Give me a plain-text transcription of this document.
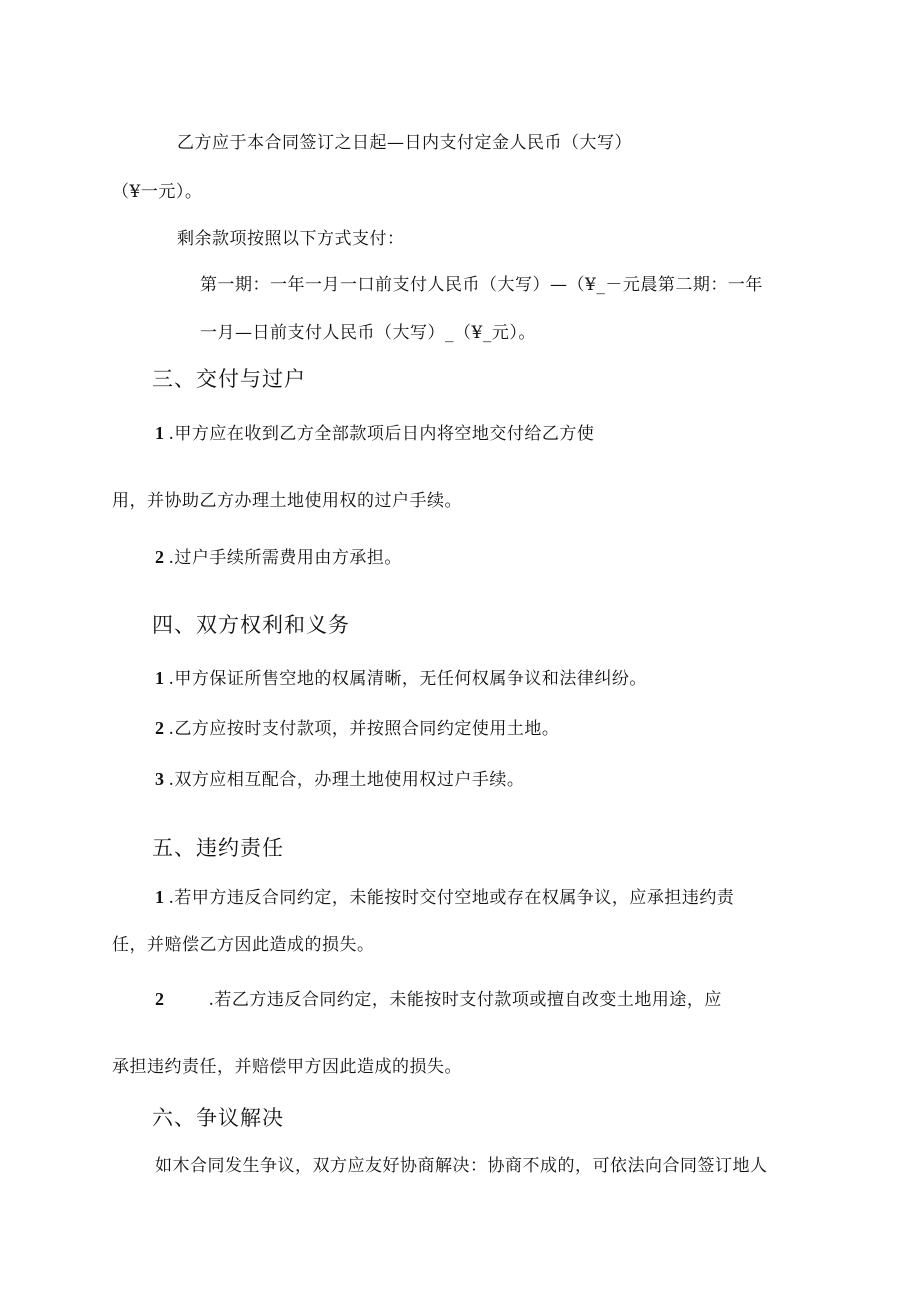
乙方应于本合同签订之日起—日内支付定金人民币（大写）
（¥一元）。
剩余款项按照以下方式支付：
第一期：一年一月一口前支付人民币（大写）—（¥_－元晨第二期：一年
一月—日前支付人民币（大写）_（¥_元）。
三、交付与过户
1 .甲方应在收到乙方全部款项后日内将空地交付给乙方使
用，并协助乙方办理土地使用权的过户手续。
2 .过户手续所需费用由方承担。
四、双方权利和义务
1 .甲方保证所售空地的权属清晰，无任何权属争议和法律纠纷。
2 .乙方应按时支付款项，并按照合同约定使用土地。
3 .双方应相互配合，办理土地使用权过户手续。
五、违约责任
1 .若甲方违反合同约定，未能按时交付空地或存在权属争议，应承担违约责
任，并赔偿乙方因此造成的损失。
2	.若乙方违反合同约定，未能按时支付款项或擅自改变土地用途，应
承担违约责任，并赔偿甲方因此造成的损失。
六、争议解决
如木合同发生争议，双方应友好协商解决：协商不成的，可依法向合同签订地人
